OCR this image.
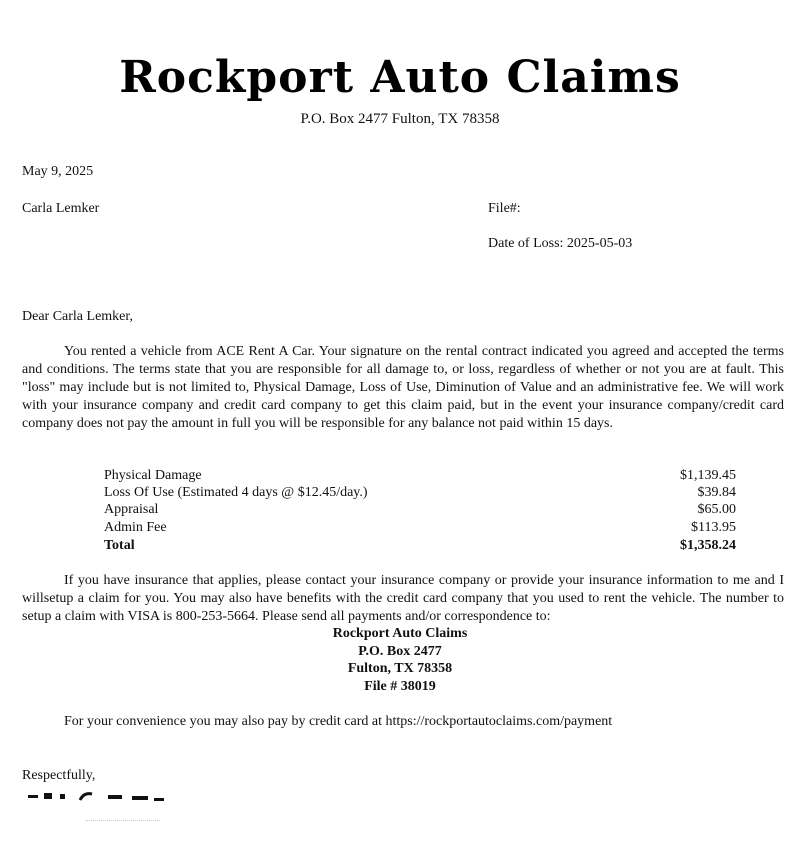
Rockport Auto Claims
P.O. Box 2477 Fulton, TX 78358
May 9, 2025
Carla Lemker	File#:
Date of Loss: 2025-05-03
Dear Carla Lemker,
You rented a vehicle from ACE Rent A Car. Your signature on the rental contract indicated you agreed and accepted the terms and conditions. The terms state that you are responsible for all damage to, or loss, regardless of whether or not you are at fault. This "loss" may include but is not limited to, Physical Damage, Loss of Use, Diminution of Value and an administrative fee. We will work with your insurance company and credit card company to get this claim paid, but in the event your insurance company/credit card company does not pay the amount in full you will be responsible for any balance not paid within 15 days.
Physical Damage	$1,139.45
Loss Of Use (Estimated 4 days @ $12.45/day.)	$39.84
Appraisal	$65.00
Admin Fee	$113.95
Total	$1,358.24
If you have insurance that applies, please contact your insurance company or provide your insurance information to me and I willsetup a claim for you. You may also have benefits with the credit card company that you used to rent the vehicle. The number to setup a claim with VISA is 800-253-5664. Please send all payments and/or correspondence to:
Rockport Auto Claims
P.O. Box 2477
Fulton, TX 78358
File # 38019
For your convenience you may also pay by credit card at https://rockportautoclaims.com/payment
Respectfully,
